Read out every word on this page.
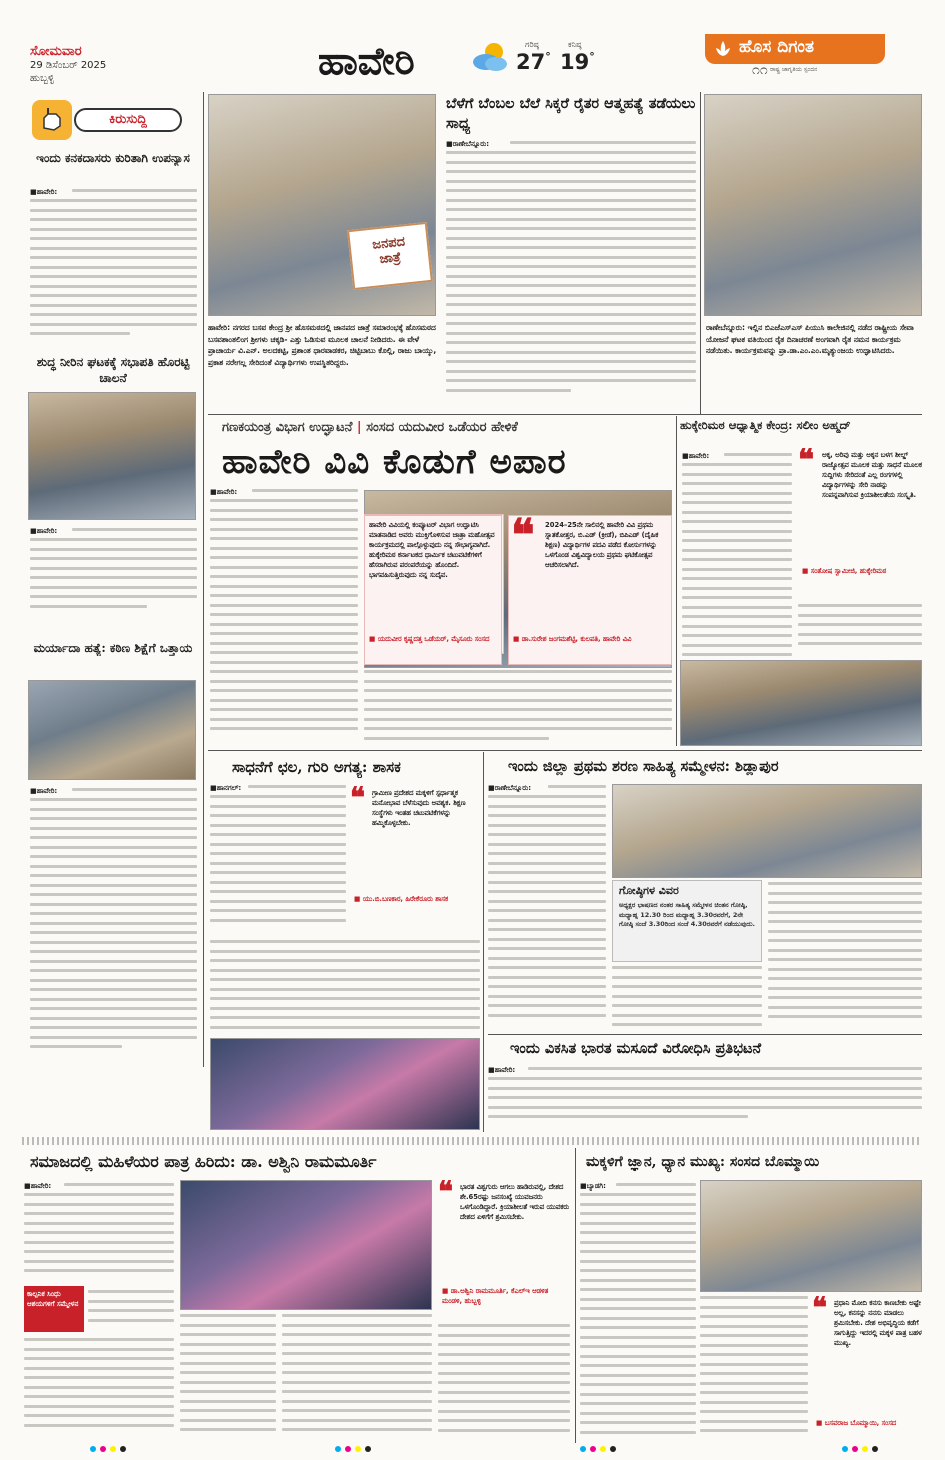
ಸೋಮವಾರ
29 ಡಿಸೆಂಬರ್ 2025
ಹುಬ್ಬಳ್ಳಿ	ಹಾವೇರಿ	ಗರಿಷ್ಠ
27°
ಕನಿಷ್ಠ
19°	ಹೊಸ ದಿಗಂತ
ರಾಷ್ಟ್ರ ಜಾಗೃತಿಯ ಸ್ಪಂದನ
೧೧
ಕಿರುಸುದ್ದಿ
ಇಂದು ಕನಕದಾಸರು ಕುರಿತಾಗಿ ಉಪನ್ಯಾಸ
■ಹಾವೇರಿ:
ಶುದ್ಧ ನೀರಿನ ಘಟಕಕ್ಕೆ ಸಭಾಪತಿ ಹೊರಟ್ಟಿ ಚಾಲನೆ
■ಹಾವೇರಿ:
ಮರ್ಯಾದಾ ಹತ್ಯೆ: ಕಠಿಣ ಶಿಕ್ಷೆಗೆ ಒತ್ತಾಯ
■ಹಾವೇರಿ:
ಜನಪದ
ಜಾತ್ರೆ
ಹಾವೇರಿ: ನಗರದ ಬಸವ ಕೇಂದ್ರ ಶ್ರೀ ಹೊಸಮಠದಲ್ಲಿ ಜಾನಪದ ಜಾತ್ರೆ ಸಮಾರಂಭಕ್ಕೆ ಹೊಸಮಠದ ಬಸವಶಾಂತಲಿಂಗ ಶ್ರೀಗಳು ಚಕ್ಕಡಿ- ಎತ್ತು ಓಡಿಸುವ ಮೂಲಕ ಚಾಲನೆ ನೀಡಿದರು. ಈ ವೇಳೆ ಪ್ರಾಚಾರ್ಯ ವಿ.ಎನ್. ಅಲದಕಟ್ಟಿ, ಪ್ರಶಾಂತ ಧಾರವಾಡಕರ, ಚಿಟ್ಟಿಬಾಬು ಕೊಲ್ಲಿ, ರಾಜು ಬಾಯ್ಕು, ಪ್ರಕಾಶ ನರೇಗಲ್ಲ ಸೇರಿದಂತೆ ವಿದ್ಯಾರ್ಥಿಗಳು ಉಪಸ್ಥಿತರಿದ್ದರು.
ಬೆಳೆಗೆ ಬೆಂಬಲ ಬೆಲೆ ಸಿಕ್ಕರೆ ರೈತರ ಆತ್ಮಹತ್ಯೆ ತಡೆಯಲು ಸಾಧ್ಯ
■ರಾಣೇಬೆನ್ನೂರು:
ರಾಣೇಬೆನ್ನೂರು: ಇಲ್ಲಿನ ಬಿಎಜೆಎಸ್ಎಸ್ ಪಿಯುಸಿ ಕಾಲೇಜಿನಲ್ಲಿ ನಡೆದ ರಾಷ್ಟ್ರೀಯ ಸೇವಾ ಯೋಜನೆ ಘಟಕ ವತಿಯಿಂದ ರೈತ ದಿನಾಚರಣೆ ಅಂಗವಾಗಿ ರೈತ ನಮನ ಕಾರ್ಯಕ್ರಮ ನಡೆಯಿತು. ಕಾರ್ಯಕ್ರಮವನ್ನು ಪ್ರಾ.ಡಾ.ಎಂ.ಎಂ.ಮೃತ್ಯುಂಜಯ ಉದ್ಘಾಟಿಸಿದರು.
ಗಣಕಯಂತ್ರ ವಿಭಾಗ ಉದ್ಘಾಟನೆ | ಸಂಸದ ಯದುವೀರ ಒಡೆಯರ ಹೇಳಿಕೆ
ಹಾವೇರಿ ವಿವಿ ಕೊಡುಗೆ ಅಪಾರ
■ಹಾವೇರಿ:
ಹಾವೇರಿ ವಿವಿಯಲ್ಲಿ ಕಂಪ್ಯೂಟರ್ ವಿಭಾಗ ಉದ್ಘಾಟಿಸಿ ಮಾತನಾಡಿದ ಅವರು ಮುಕ್ತಿಗೊಳಿಸುವ ಜಾತ್ರಾ ಮಹೋತ್ಸವ ಕಾರ್ಯಕ್ರಮದಲ್ಲಿ ಪಾಲ್ಗೊಳ್ಳುವುದು ನನ್ನ ಸೌಭಾಗ್ಯವಾಗಿದೆ. ಹುಕ್ಕೇರಿಮಠ ಕರ್ನಾಟಕದ ಧಾರ್ಮಿಕ ಚಟುವಟಿಕೆಗಳಿಗೆ ಹೆಸರಾಗಿರುವ ಪರಂಪರೆಯನ್ನು ಹೊಂದಿದೆ. ಭಾಗವಹಿಸುತ್ತಿರುವುದು ನನ್ನ ಸುದೈವ.
■ ಯದುವೀರ ಕೃಷ್ಣದತ್ತ ಒಡೆಯರ್, ಮೈಸೂರು ಸಂಸದ
❝ 2024–25ನೇ ಸಾಲಿನಲ್ಲಿ ಹಾವೇರಿ ವಿವಿ ಪ್ರಥಮ ಸ್ನಾತಕೋತ್ತರ, ಬಿ.ಎಡ್ (ಕ್ರೀಡೆ), ಬಿಪಿಎಡ್ (ದೈಹಿಕ ಶಿಕ್ಷಣ) ವಿದ್ಯಾರ್ಥಿಗಳ ಪದವಿ ಪಡೆದ ಕೋರ್ಸುಗಳನ್ನು ಒಳಗೊಂಡ ವಿಶ್ವವಿದ್ಯಾಲಯ ಪ್ರಥಮ ಘಟಿಕೋತ್ಸವ ಆಚರಿಸಲಾಗಿದೆ.
■ ಡಾ.ಸುರೇಶ ಜಂಗಮಶೆಟ್ಟಿ, ಕುಲಪತಿ, ಹಾವೇರಿ ವಿವಿ
ಹುಕ್ಕೇರಿಮಠ ಆಧ್ಯಾತ್ಮಿಕ ಕೇಂದ್ರ: ಸಲೀಂ ಅಹ್ಮದ್
■ಹಾವೇರಿ:	❝ ಅಕ್ಕ, ಅರಿವು ಮತ್ತು ಅಕ್ಕನ ಬಳಗ ಶೀಲ್ಡ್ ರಾಜ್ಯೋತ್ಸವ ಮೂಲಕ ಮತ್ತು ಸಾಧನೆ ಮೂಲಕ ಸುದ್ದಿಗಳು ಸೇರಿದಂತೆ ಎಲ್ಲ ರಂಗಗಳಲ್ಲಿ ವಿದ್ಯಾರ್ಥಿಗಳನ್ನು ಸೇರಿ ನಾಡನ್ನು ಸಂಪನ್ನವಾಗಿಸುವ ಕ್ರಿಯಾಶೀಲತೆಯ ಸಂಸ್ಕೃತಿ.
■ ಸಂತೋಷ ಸ್ವಾಮೀಜಿ, ಹುಕ್ಕೇರಿಮಠ
ಸಾಧನೆಗೆ ಛಲ, ಗುರಿ ಅಗತ್ಯ: ಶಾಸಕ
■ಹಾನಗಲ್:	❝ ಗ್ರಾಮೀಣ ಪ್ರದೇಶದ ಮಕ್ಕಳಿಗೆ ಸ್ಪರ್ಧಾತ್ಮಕ ಮನೋಭಾವ ಬೆಳೆಸುವುದು ಅವಶ್ಯಕ. ಶಿಕ್ಷಣ ಸಂಸ್ಥೆಗಳು ಇಂತಹ ಚಟುವಟಿಕೆಗಳನ್ನು ಹಮ್ಮಿಕೊಳ್ಳಬೇಕು.
■ ಯು.ಬಿ.ಬಣಕಾರ, ಹಿರೇಕೆರೂರು ಶಾಸಕ
ಇಂದು ಜಿಲ್ಲಾ ಪ್ರಥಮ ಶರಣ ಸಾಹಿತ್ಯ ಸಮ್ಮೇಳನ: ಶಿಡ್ಲಾಪುರ
■ರಾಣೇಬೆನ್ನೂರು:
ಗೋಷ್ಠಿಗಳ ವಿವರ
ಅಧ್ಯಕ್ಷರ ಭಾಷಣದ ನಂತರ ಸಾಹಿತ್ಯ ಸಮ್ಮೇಳನ ಚಿಂತನ ಗೋಷ್ಠಿ, ಮಧ್ಯಾಹ್ನ 12.30 ರಿಂದ ಮಧ್ಯಾಹ್ನ 3.30ರವರೆಗೆ, 2ನೇ ಗೋಷ್ಠಿ ಸಂಜೆ 3.30ರಿಂದ ಸಂಜೆ 4.30ರವರೆಗೆ ನಡೆಯುವುದು.
ಇಂದು ವಿಕಸಿತ ಭಾರತ ಮಸೂದೆ ವಿರೋಧಿಸಿ ಪ್ರತಿಭಟನೆ
■ಹಾವೇರಿ:
ಸಮಾಜದಲ್ಲಿ ಮಹಿಳೆಯರ ಪಾತ್ರ ಹಿರಿದು: ಡಾ. ಅಶ್ವಿನಿ ರಾಮಮೂರ್ತಿ
■ಹಾವೇರಿ:
ಕಾಲ್ಪನಿಕ ಸಿಂಧು ಆಶಯಗಳಿಗೆ ಸಮ್ಮೇಳನ
❝ ಭಾರತ ವಿಶ್ವಗುರು ಆಗಲು ಹಾಡಿರುವಲ್ಲಿ, ದೇಶದ ಶೇ.65ರಷ್ಟು ಜನಸಂಖ್ಯೆ ಯುವಜನರು ಒಳಗೊಂಡಿದ್ದಾರೆ. ಕ್ರಿಯಾಶೀಲತೆ ಇರುವ ಯುವಕರು ದೇಶದ ಏಳಿಗೆಗೆ ಶ್ರಮಿಸಬೇಕು.
■ ಡಾ.ಅಶ್ವಿನಿ ರಾಮಮೂರ್ತಿ, ಕೆಎಲ್ಇ ಆಡಳಿತ ಮಂಡಳಿ, ಹುಬ್ಬಳ್ಳಿ
ಮಕ್ಕಳಿಗೆ ಜ್ಞಾನ, ಧ್ಯಾನ ಮುಖ್ಯ: ಸಂಸದ ಬೊಮ್ಮಾಯಿ
■ಬ್ಯಾಡಗಿ:
❝ ಪ್ರಧಾನಿ ಮೋದಿ ಕನಸು ಕಾಣಬೇಕು ಅಷ್ಟೇ ಅಲ್ಲ, ಕನಸನ್ನು ನನಸು ಮಾಡಲು ಶ್ರಮಿಸಬೇಕು. ದೇಶ ಅಭಿವೃದ್ಧಿಯ ಕಡೆಗೆ ಸಾಗುತ್ತಿದ್ದು ಇದರಲ್ಲಿ ಮಕ್ಕಳ ಪಾತ್ರ ಬಹಳ ಮುಖ್ಯ.
■ ಬಸವರಾಜ ಬೊಮ್ಮಾಯಿ, ಸಂಸದ
